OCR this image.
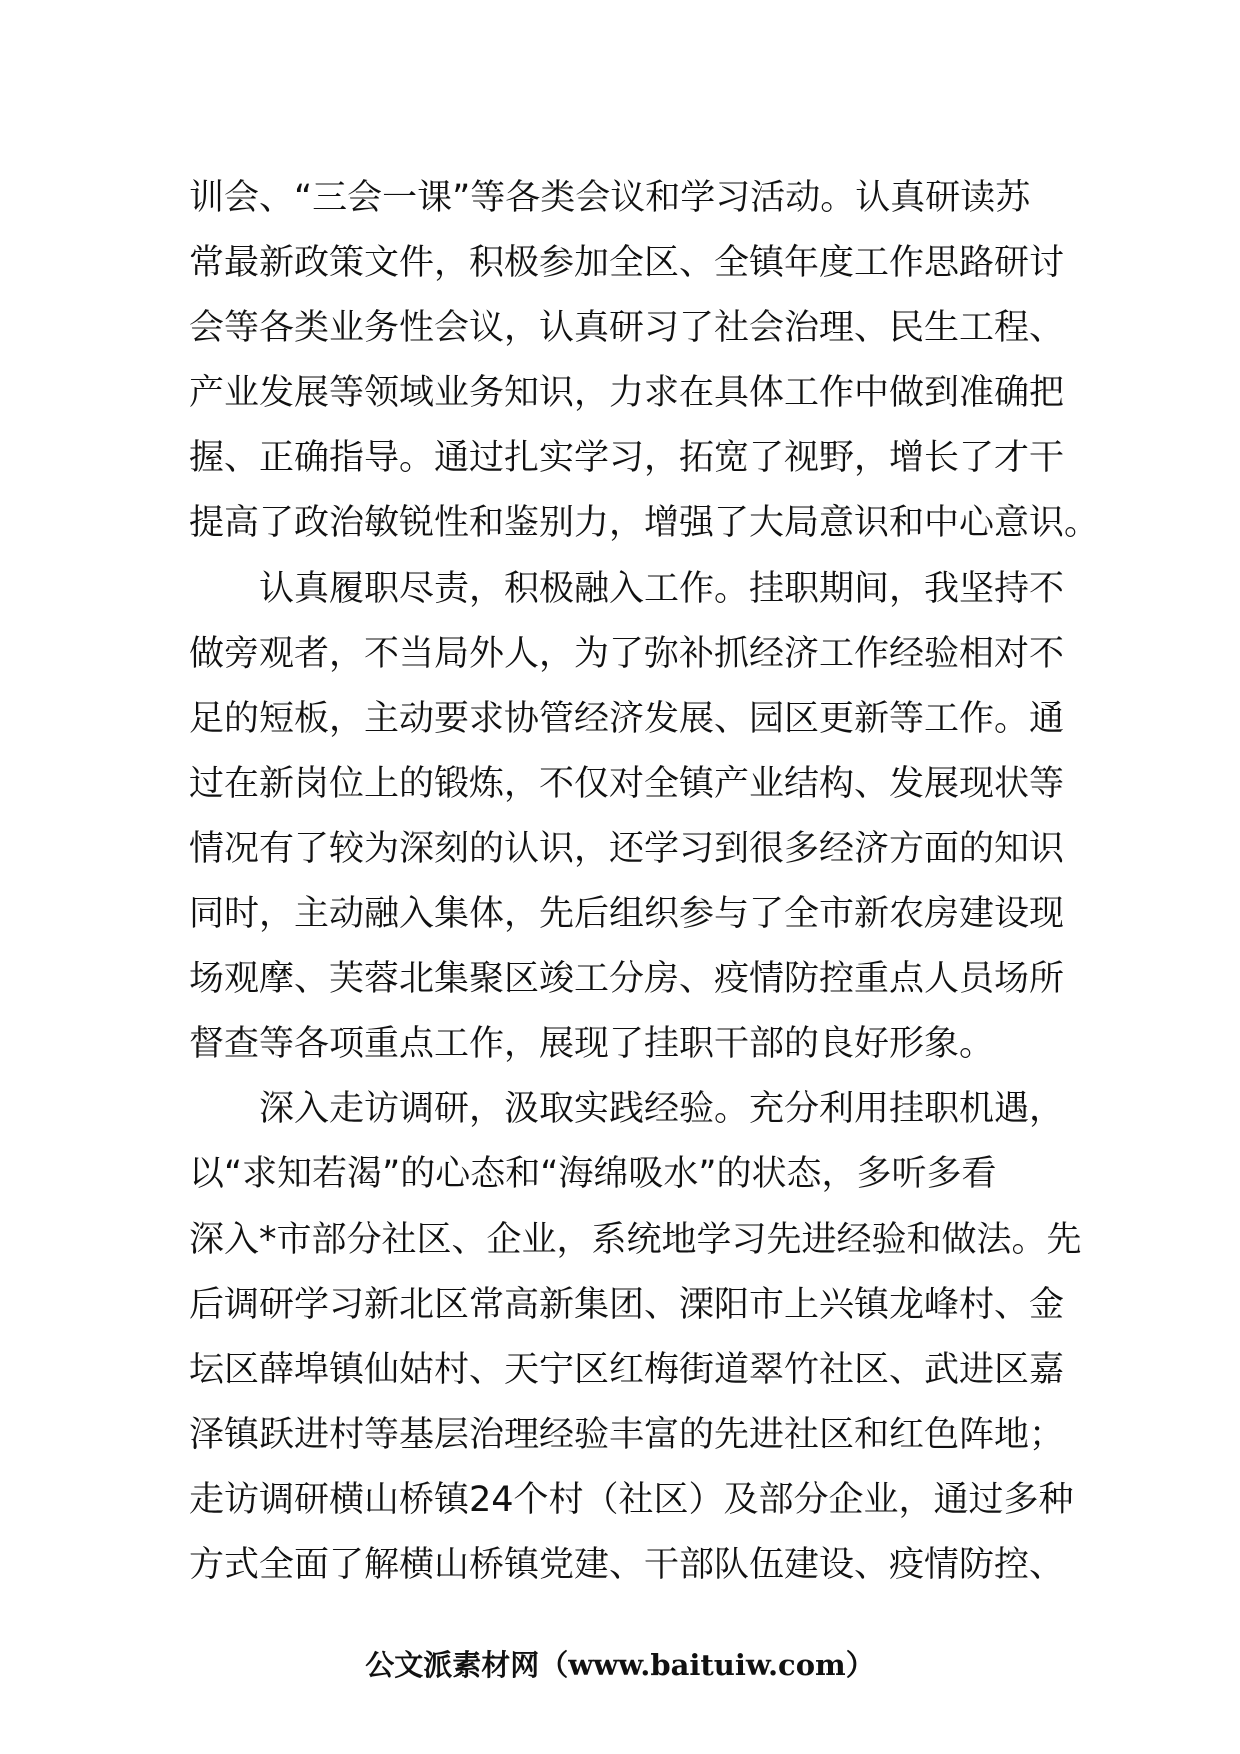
训会、“三会一课”等各类会议和学习活动。认真研读苏
常最新政策文件，积极参加全区、全镇年度工作思路研讨
会等各类业务性会议，认真研习了社会治理、民生工程、
产业发展等领域业务知识，力求在具体工作中做到准确把
握、正确指导。通过扎实学习，拓宽了视野，增长了才干
提高了政治敏锐性和鉴别力，增强了大局意识和中心意识。
　　认真履职尽责，积极融入工作。挂职期间，我坚持不
做旁观者，不当局外人，为了弥补抓经济工作经验相对不
足的短板，主动要求协管经济发展、园区更新等工作。通
过在新岗位上的锻炼，不仅对全镇产业结构、发展现状等
情况有了较为深刻的认识，还学习到很多经济方面的知识
同时，主动融入集体，先后组织参与了全市新农房建设现
场观摩、芙蓉北集聚区竣工分房、疫情防控重点人员场所
督查等各项重点工作，展现了挂职干部的良好形象。
　　深入走访调研，汲取实践经验。充分利用挂职机遇，
以“求知若渴”的心态和“海绵吸水”的状态，多听多看
深入*市部分社区、企业，系统地学习先进经验和做法。先
后调研学习新北区常高新集团、溧阳市上兴镇龙峰村、金
坛区薛埠镇仙姑村、天宁区红梅街道翠竹社区、武进区嘉
泽镇跃进村等基层治理经验丰富的先进社区和红色阵地；
走访调研横山桥镇24个村（社区）及部分企业，通过多种
方式全面了解横山桥镇党建、干部队伍建设、疫情防控、
公文派素材网（www.baituiw.com）
